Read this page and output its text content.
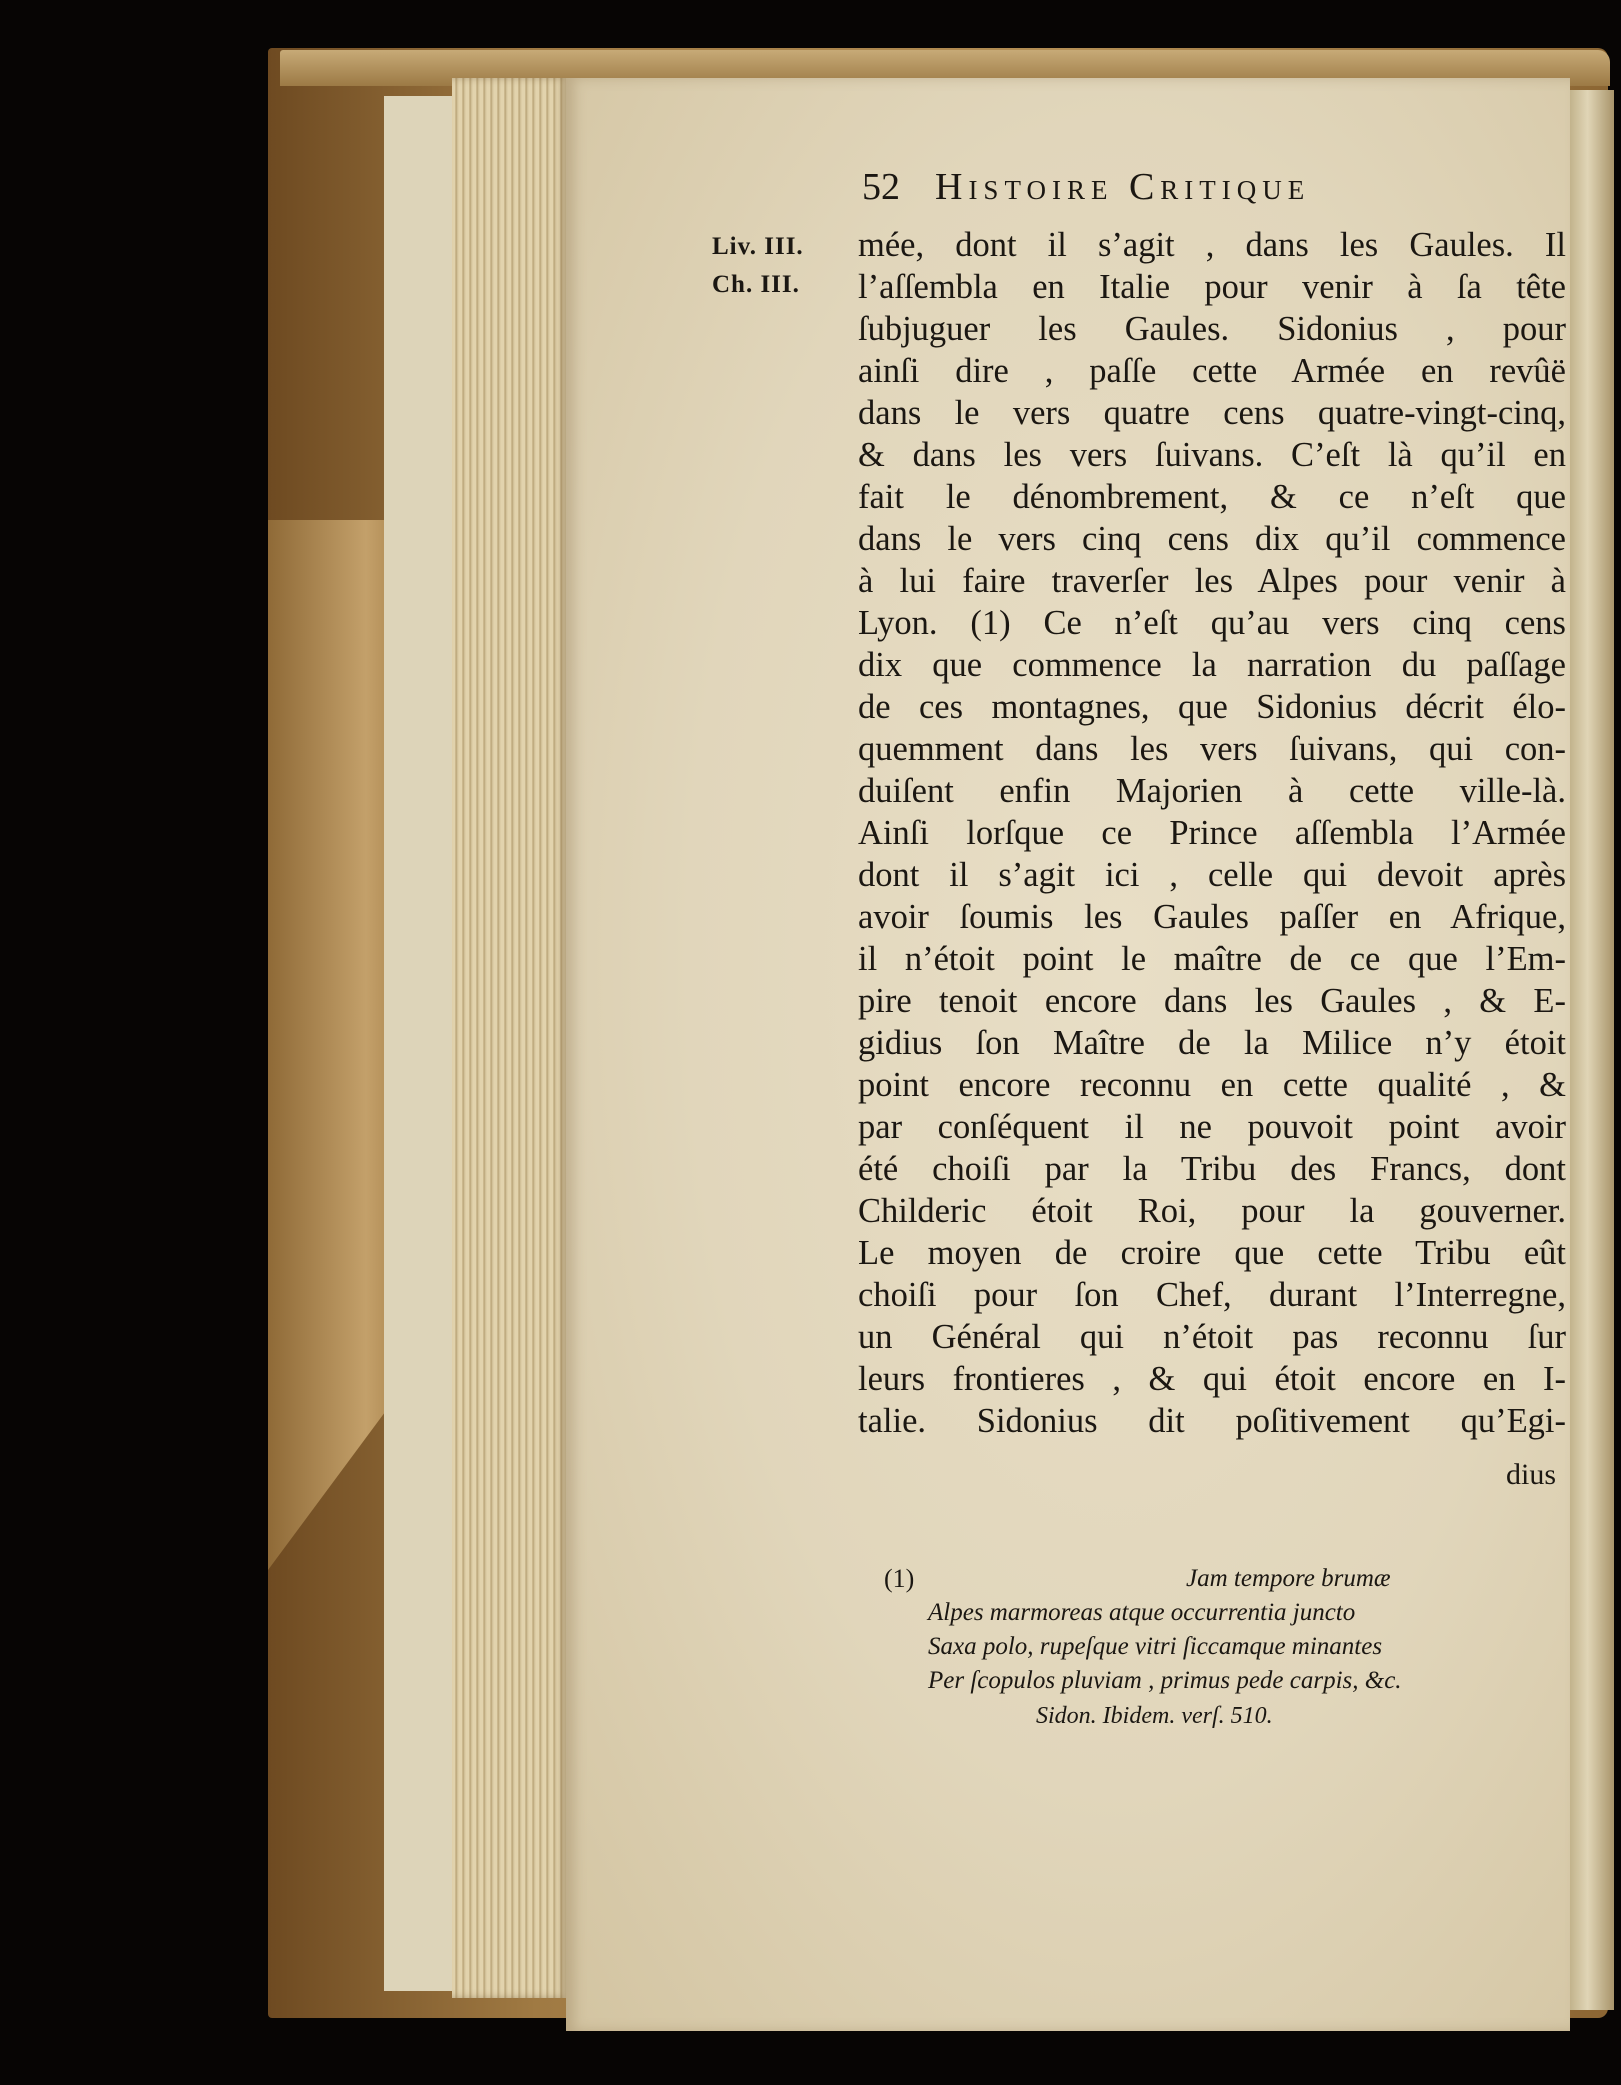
52 Histoire Critique
Liv. III.
Ch. III.
mée, dont il s’agit , dans les Gaules. Il
l’aſſembla en Italie pour venir à ſa tête
ſubjuguer les Gaules. Sidonius , pour
ainſi dire , paſſe cette Armée en revûë
dans le vers quatre cens quatre-vingt-cinq,
& dans les vers ſuivans. C’eſt là qu’il en
fait le dénombrement, & ce n’eſt que
dans le vers cinq cens dix qu’il commence
à lui faire traverſer les Alpes pour venir à
Lyon. (1) Ce n’eſt qu’au vers cinq cens
dix que commence la narration du paſſage
de ces montagnes, que Sidonius décrit élo-
quemment dans les vers ſuivans, qui con-
duiſent enfin Majorien à cette ville-là.
Ainſi lorſque ce Prince aſſembla l’Armée
dont il s’agit ici , celle qui devoit après
avoir ſoumis les Gaules paſſer en Afrique,
il n’étoit point le maître de ce que l’Em-
pire tenoit encore dans les Gaules , & E-
gidius ſon Maître de la Milice n’y étoit
point encore reconnu en cette qualité , &
par conſéquent il ne pouvoit point avoir
été choiſi par la Tribu des Francs, dont
Childeric étoit Roi, pour la gouverner.
Le moyen de croire que cette Tribu eût
choiſi pour ſon Chef, durant l’Interregne,
un Général qui n’étoit pas reconnu ſur
leurs frontieres , & qui étoit encore en I-
talie. Sidonius dit poſitivement qu’Egi-
dius
(1)	Jam tempore brumæ
Alpes marmoreas atque occurrentia juncto
Saxa polo, rupeſque vitri ſiccamque minantes
Per ſcopulos pluviam , primus pede carpis, &c.
Sidon. Ibidem. verſ. 510.
